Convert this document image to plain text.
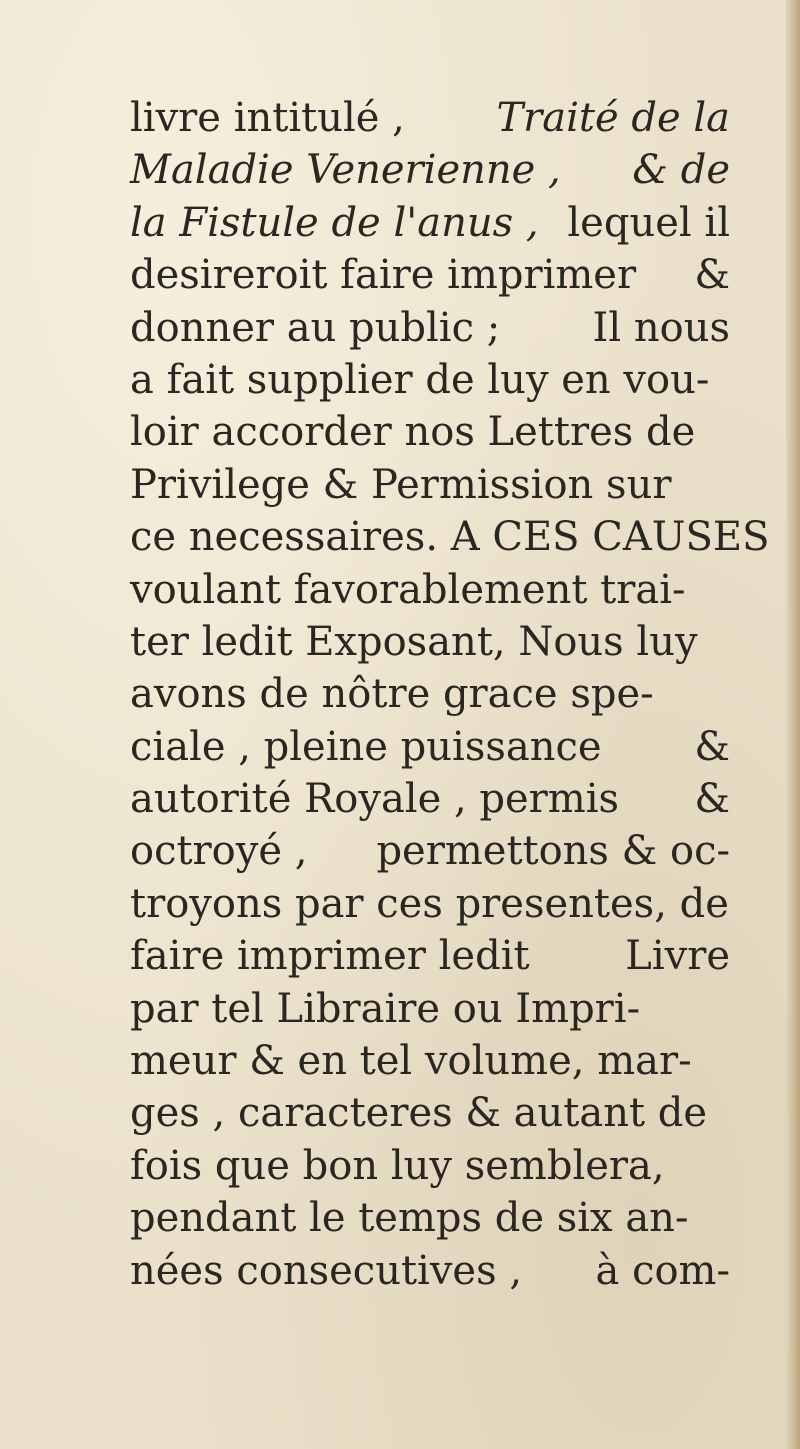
livre intitulé , Traité de la
Maladie Venerienne , & de
la Fistule de l'anus , lequel il
desireroit faire imprimer &
donner au public ; Il nous
a fait supplier de luy en vou-
loir accorder nos Lettres de
Privilege & Permission sur
ce necessaires. A CES CAUSES
voulant favorablement trai-
ter ledit Exposant, Nous luy
avons de nôtre grace spe-
ciale , pleine puissance &
autorité Royale , permis &
octroyé , permettons & oc-
troyons par ces presentes, de
faire imprimer ledit Livre
par tel Libraire ou Impri-
meur & en tel volume, mar-
ges , caracteres & autant de
fois que bon luy semblera,
pendant le temps de six an-
nées consecutives , à com-
